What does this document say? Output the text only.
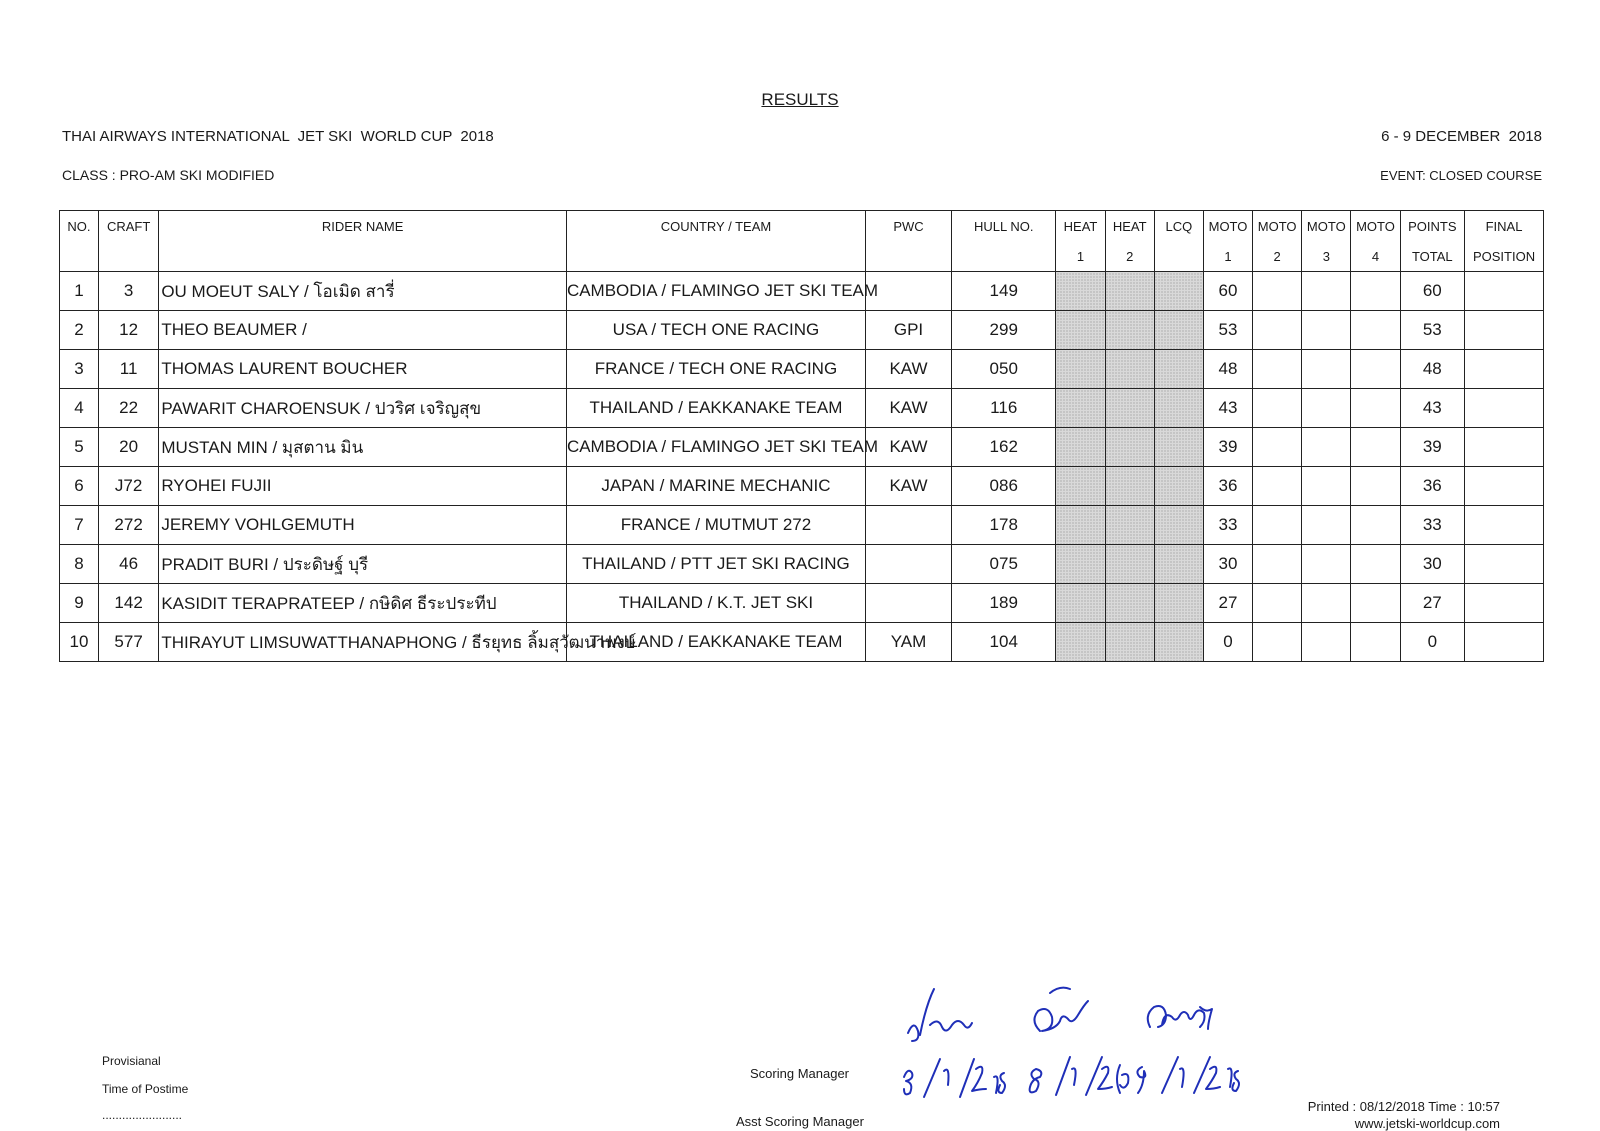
RESULTS
THAI AIRWAYS INTERNATIONAL  JET SKI  WORLD CUP  2018	6 - 9 DECEMBER  2018
CLASS : PRO-AM SKI MODIFIED	EVENT: CLOSED COURSE
NO.	CRAFT	RIDER NAME	COUNTRY / TEAM	PWC	HULL NO.	HEAT	HEAT	LCQ	MOTO	MOTO	MOTO	MOTO	POINTS	FINAL
						1	2		1	2	3	4	TOTAL	POSITION
1	3	OU MOEUT SALY / โอเมิด สารี่	CAMBODIA / FLAMINGO JET SKI TEAM		149				60				60	
2	12	THEO BEAUMER /	USA / TECH ONE RACING	GPI	299				53				53	
3	11	THOMAS LAURENT BOUCHER	FRANCE / TECH ONE RACING	KAW	050				48				48	
4	22	PAWARIT CHAROENSUK / ปวริศ เจริญสุข	THAILAND / EAKKANAKE TEAM	KAW	116				43				43	
5	20	MUSTAN MIN / มุสตาน มิน	CAMBODIA / FLAMINGO JET SKI TEAM	KAW	162				39				39	
6	J72	RYOHEI FUJII	JAPAN / MARINE MECHANIC	KAW	086				36				36	
7	272	JEREMY VOHLGEMUTH	FRANCE / MUTMUT 272		178				33				33	
8	46	PRADIT BURI / ประดิษฐ์ บุรี	THAILAND / PTT JET SKI RACING		075				30				30	
9	142	KASIDIT TERAPRATEEP / กษิดิศ ธีระประทีป	THAILAND / K.T. JET SKI		189				27				27	
10	577	THIRAYUT LIMSUWATTHANAPHONG / ธีรยุทธ ลิ้มสุวัฒนาพงษ์	THAILAND / EAKKANAKE TEAM	YAM	104				0				0	
Provisianal
Time of Postime
........................
Scoring Manager
Asst Scoring Manager
Printed : 08/12/2018 Time : 10:57
www.jetski-worldcup.com
